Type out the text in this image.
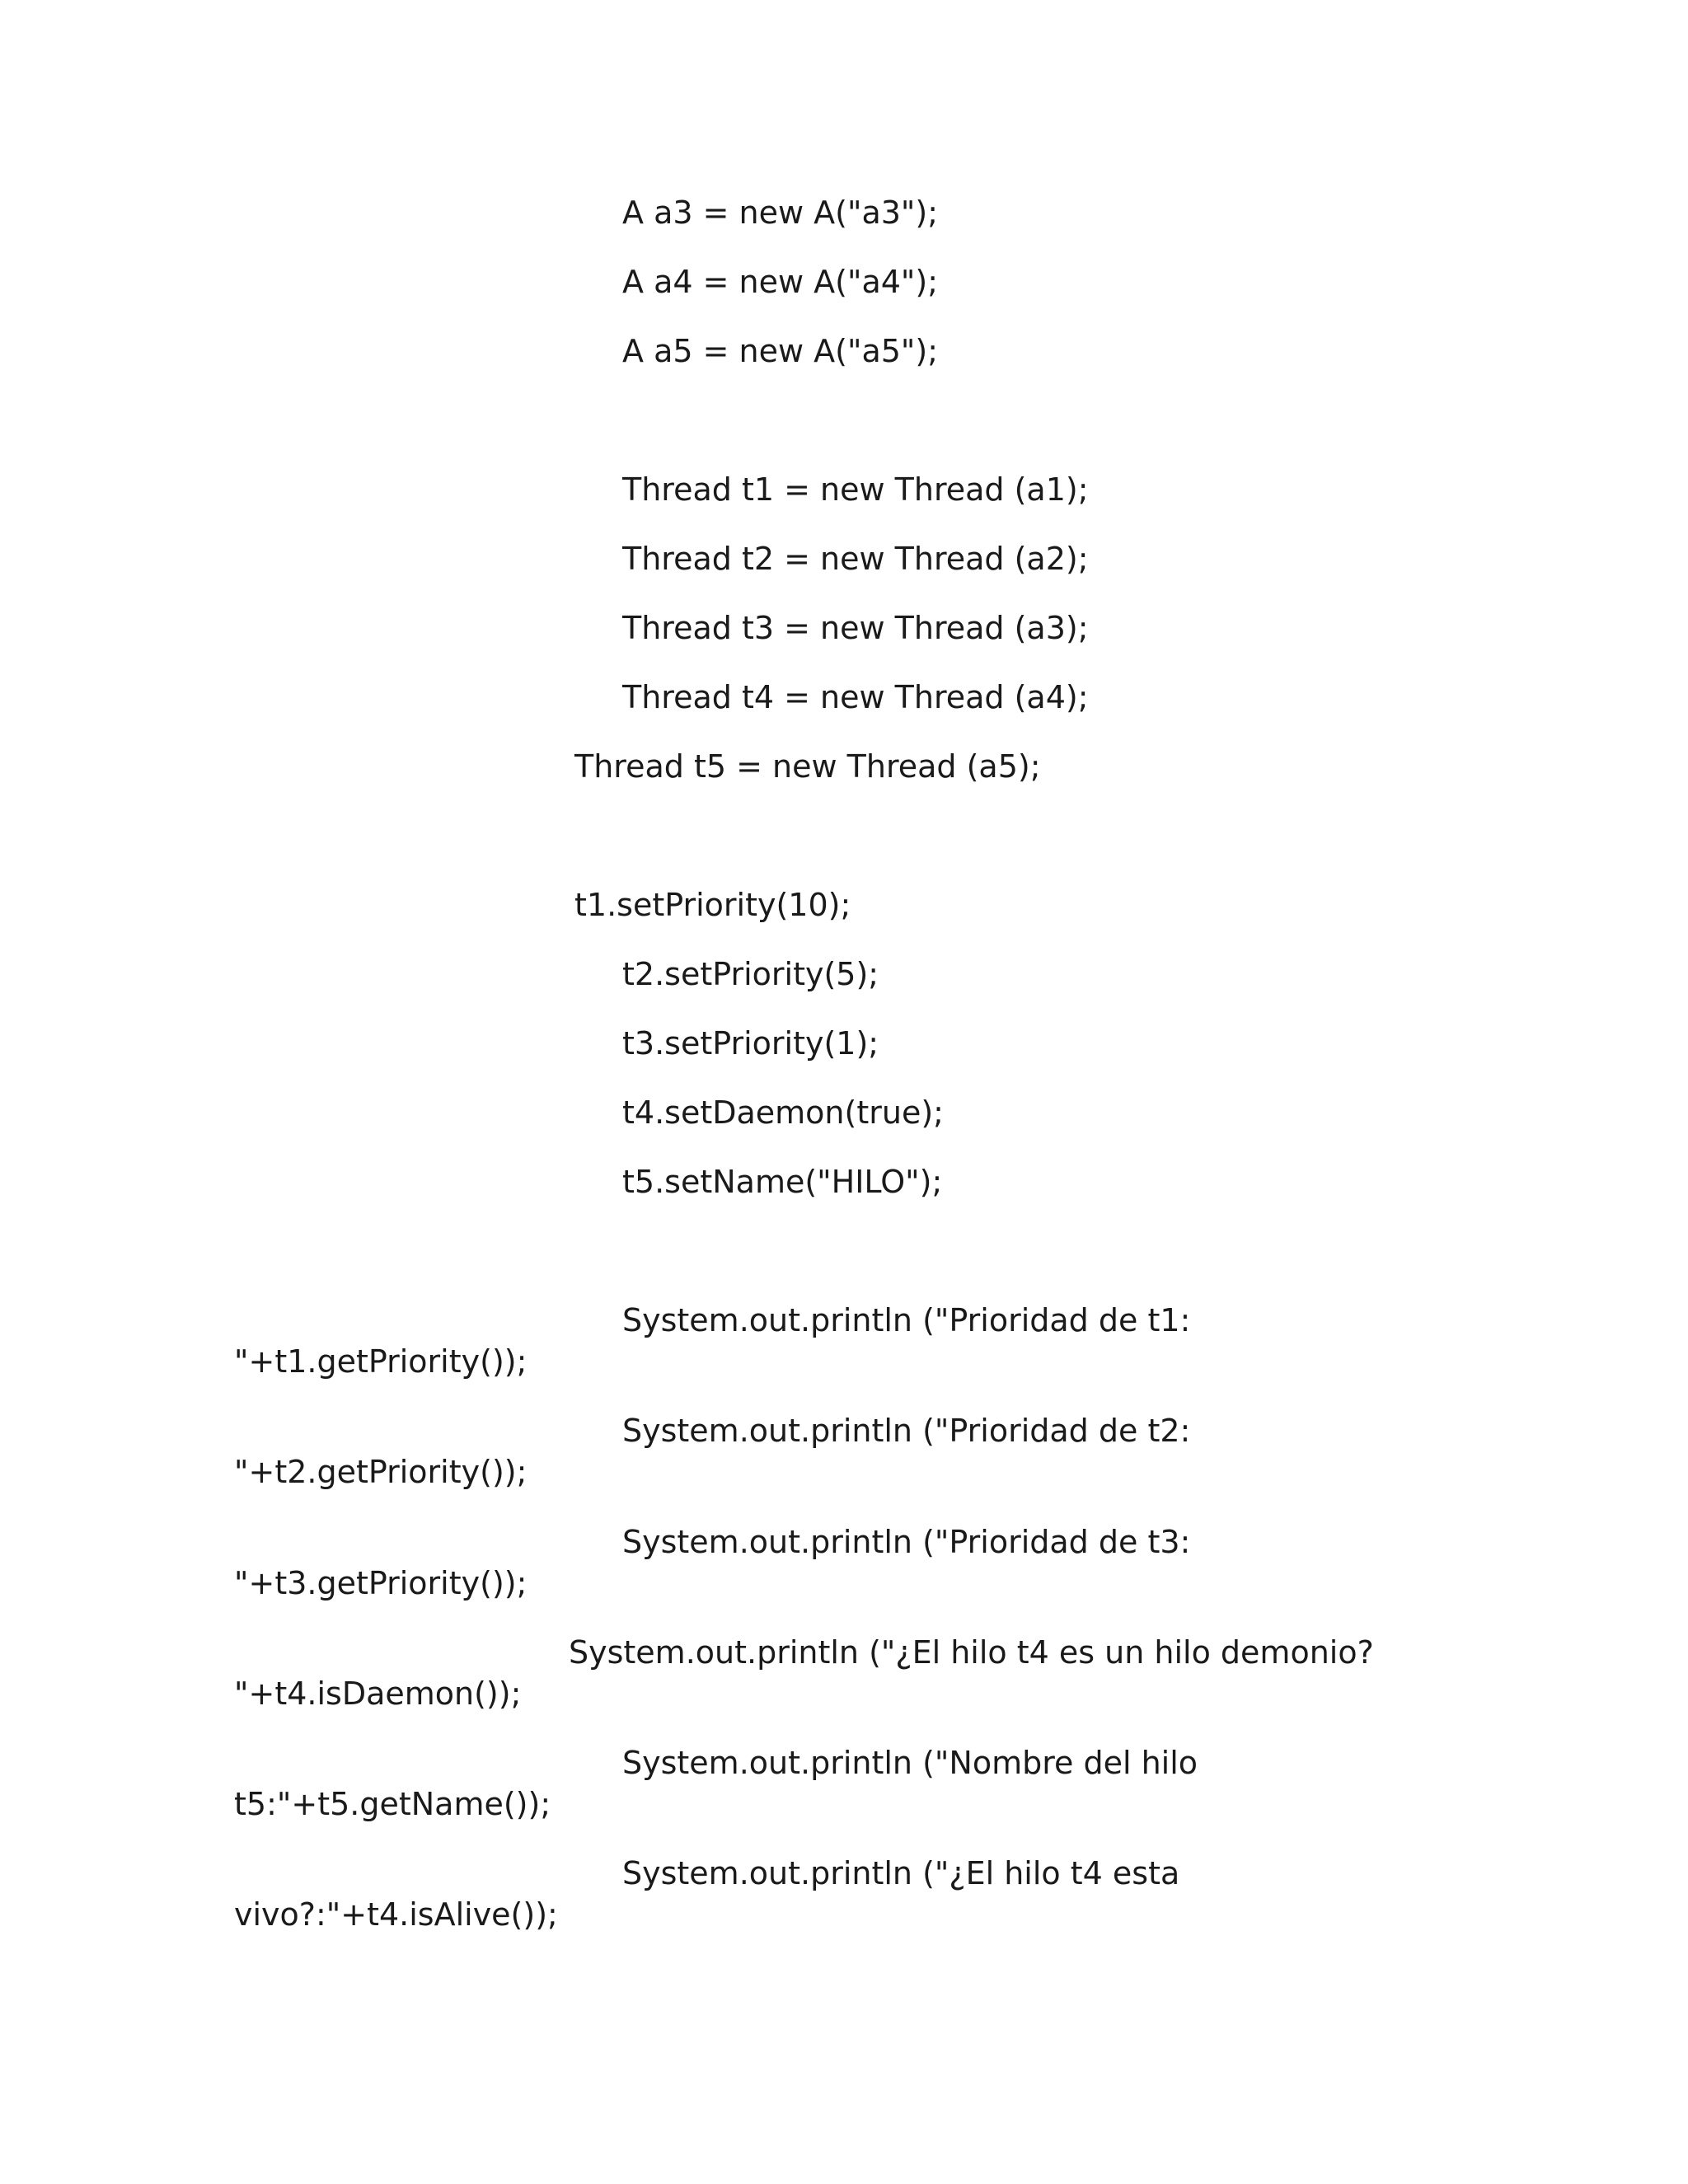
A a3 = new A("a3");

A a4 = new A("a4");

A a5 = new A("a5");

Thread t1 = new Thread (a1);

Thread t2 = new Thread (a2);

Thread t3 = new Thread (a3);

Thread t4 = new Thread (a4);

Thread t5 = new Thread (a5);

t1.setPriority(10);

t2.setPriority(5);

t3.setPriority(1);

t4.setDaemon(true);

t5.setName("HILO");

System.out.println ("Prioridad de t1:

"+t1.getPriority());

System.out.println ("Prioridad de t2:

"+t2.getPriority());

System.out.println ("Prioridad de t3:

"+t3.getPriority());

System.out.println ("¿El hilo t4 es un hilo demonio?

"+t4.isDaemon());

System.out.println ("Nombre del hilo

t5:"+t5.getName());

System.out.println ("¿El hilo t4 esta

vivo?:"+t4.isAlive());
